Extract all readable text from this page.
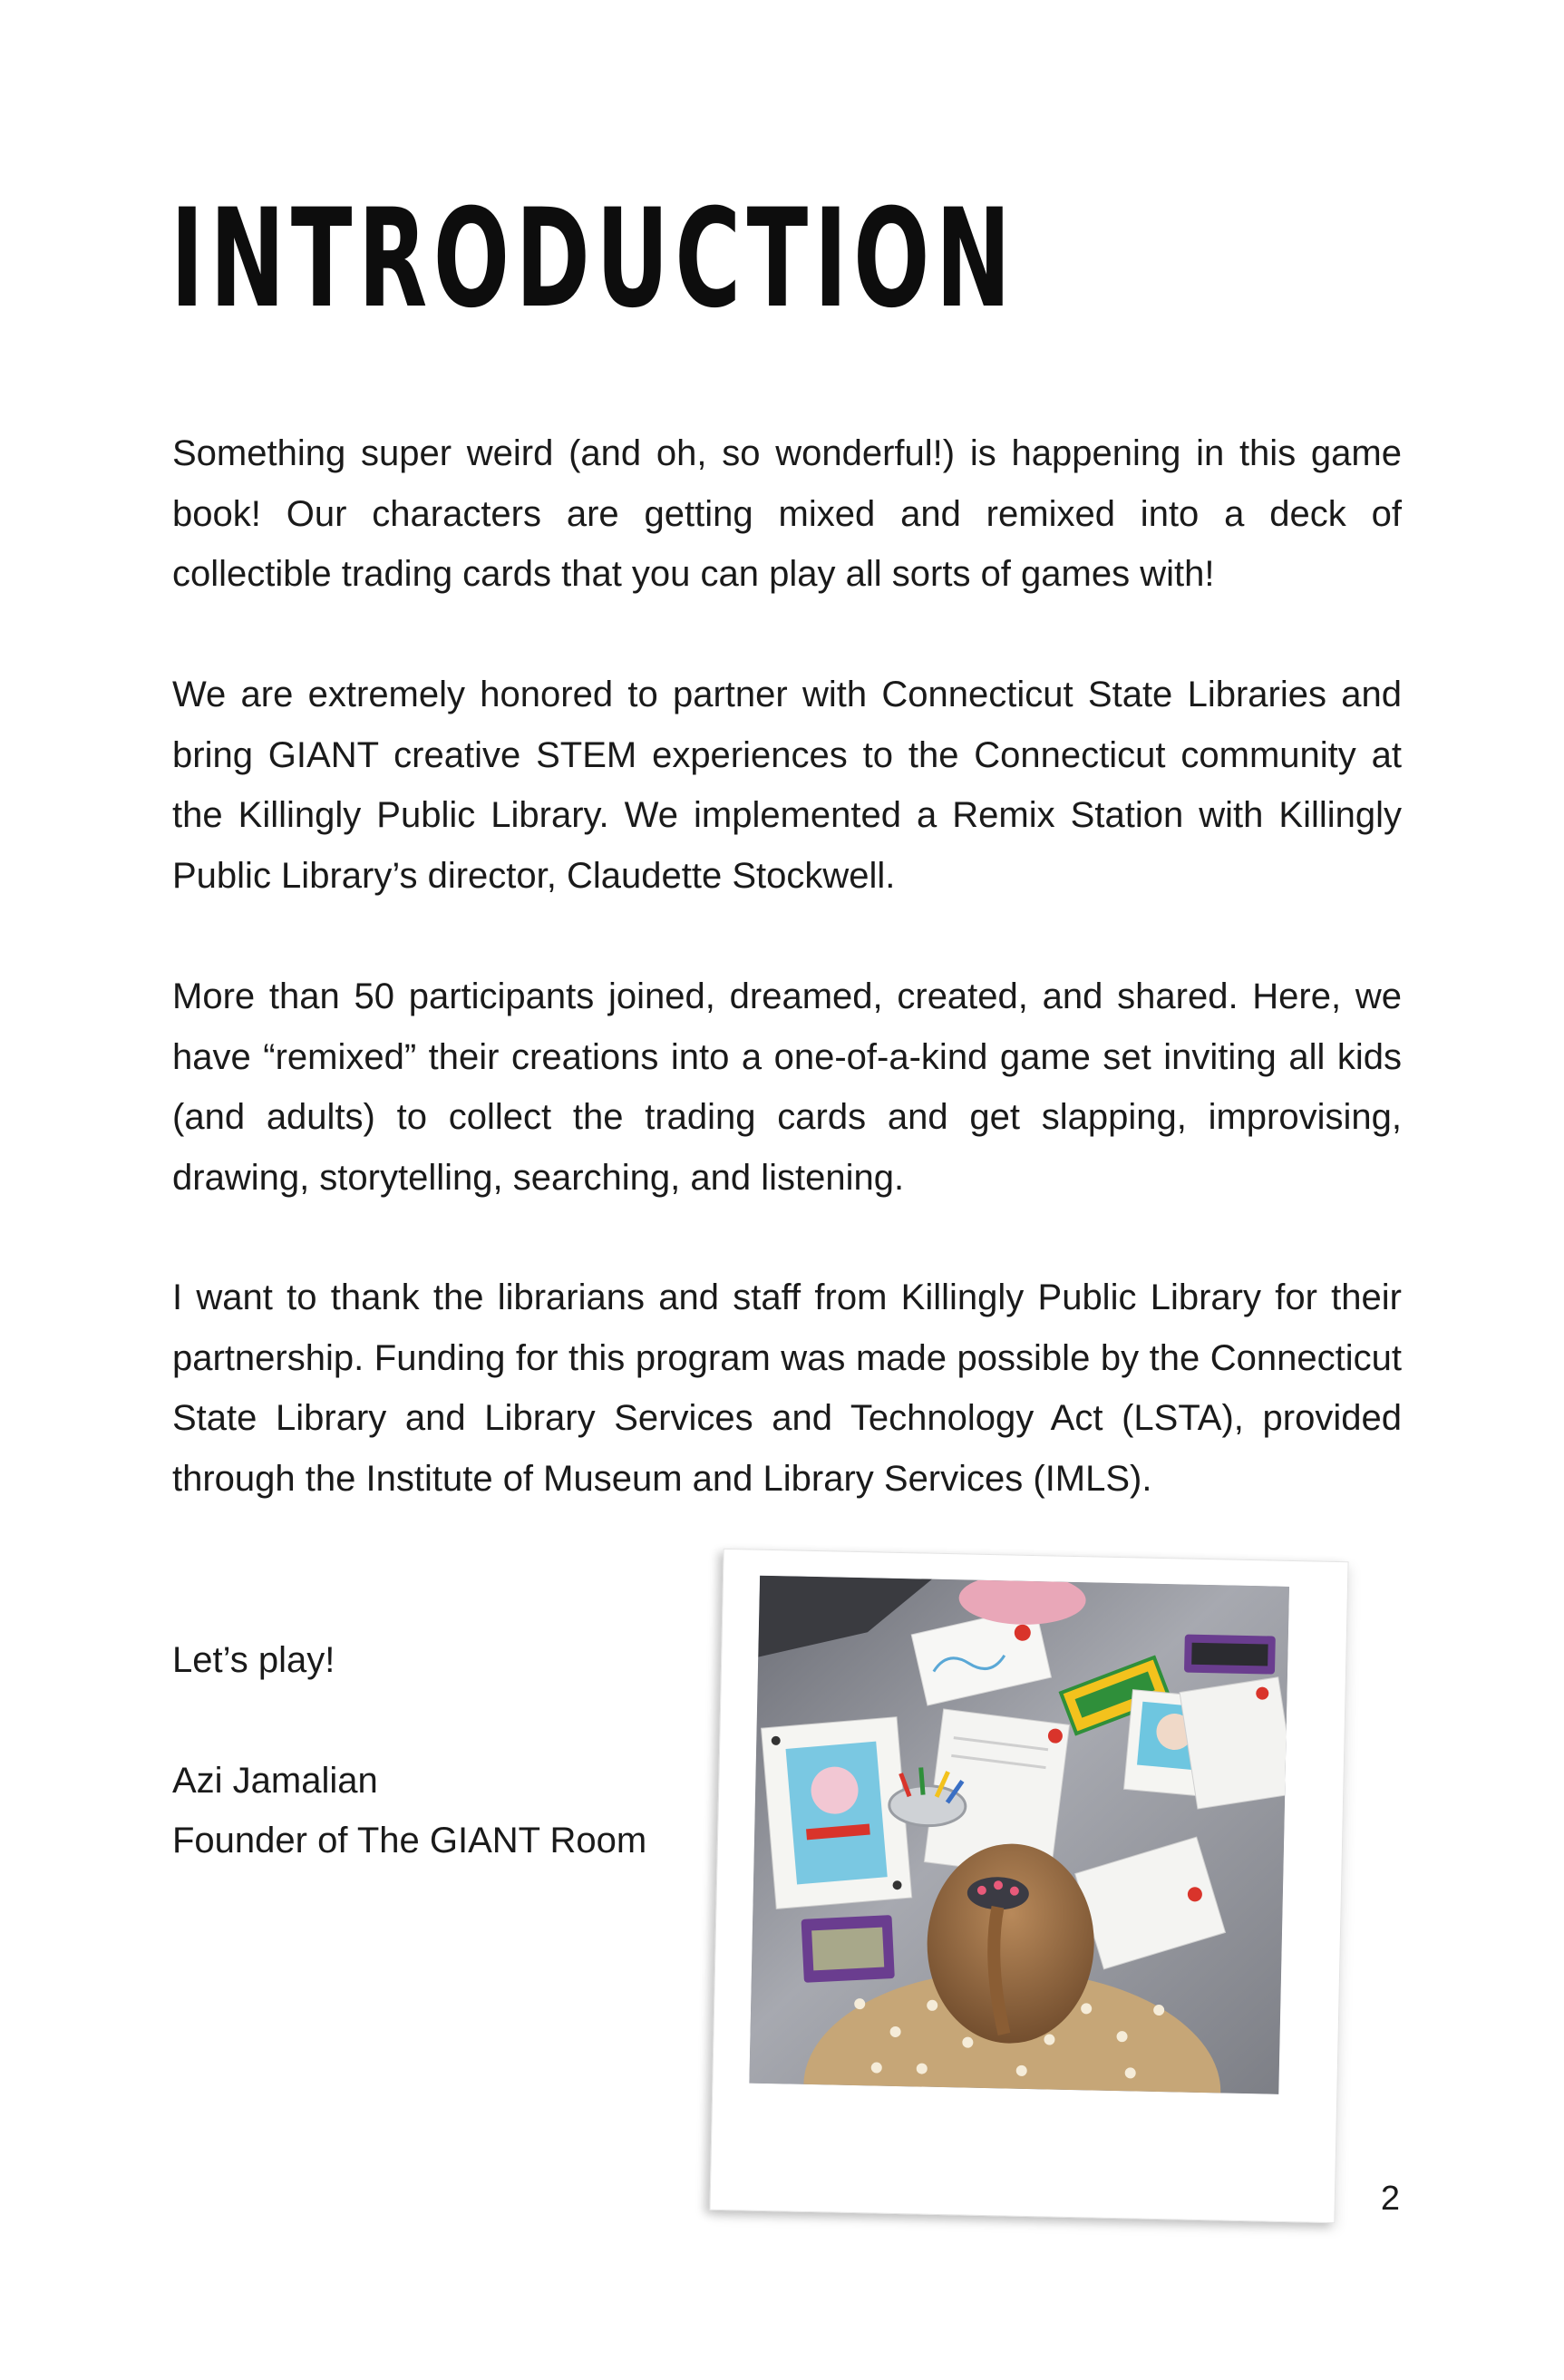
INTRODUCTION

Something super weird (and oh, so wonderful!) is happening in this game book! Our characters are getting mixed and remixed into a deck of collectible trading cards that you can play all sorts of games with!

We are extremely honored to partner with Connecticut State Libraries and bring GIANT creative STEM experiences to the Connecticut community at the Killingly Public Library. We implemented a Remix Station with Killingly Public Library’s director, Claudette Stockwell.

More than 50 participants joined, dreamed, created, and shared. Here, we have “remixed” their creations into a one-of-a-kind game set inviting all kids (and adults) to collect the trading cards and get slapping, improvising, drawing, storytelling, searching, and listening.

I want to thank the librarians and staff from Killingly Public Library for their partnership. Funding for this program was made possible by the Connecticut State Library and Library Services and Technology Act (LSTA), provided through the Institute of Museum and Library Services (IMLS).

Let’s play!

Azi Jamalian

Founder of The GIANT Room

2
